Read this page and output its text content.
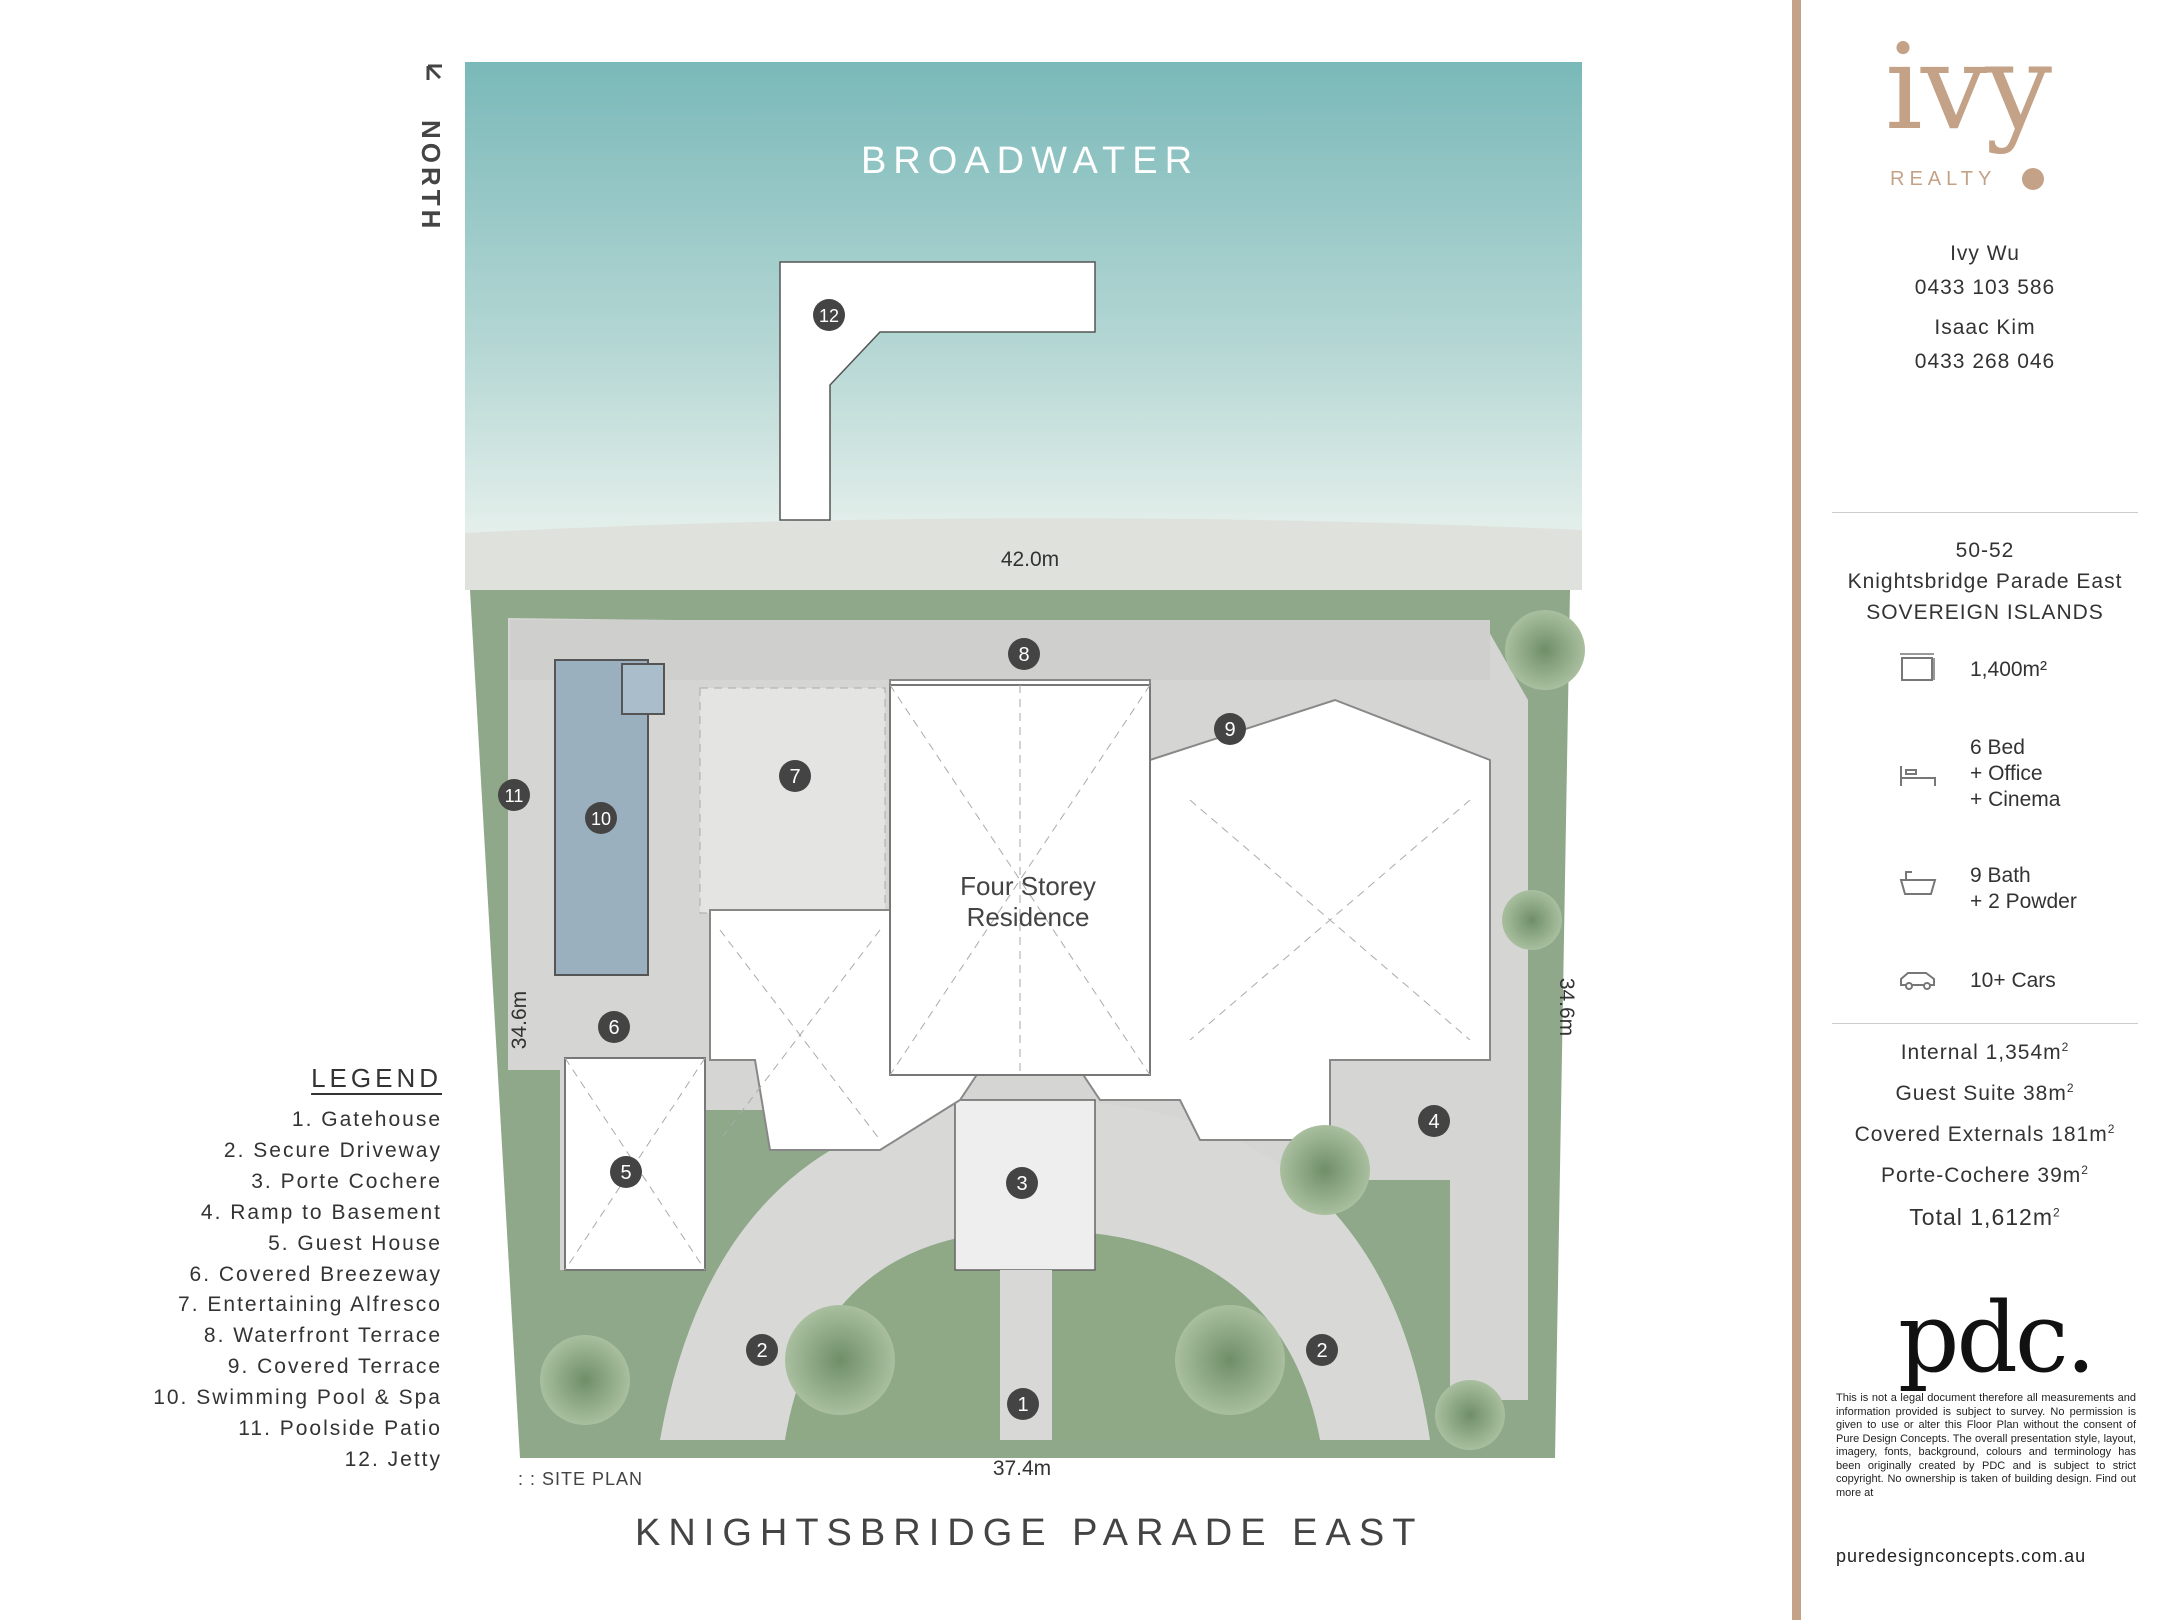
NORTH	BROADWATER
42.0m
34.6m	34.6m
37.4m
Four Storey
Residence
1
2	2
3
4
5
6
7
8
9
10
11
12
LEGEND
1. Gatehouse
2. Secure Driveway
3. Porte Cochere
4. Ramp to Basement
5. Guest House
6. Covered Breezeway
7. Entertaining Alfresco
8. Waterfront Terrace
9. Covered Terrace
10. Swimming Pool & Spa
11. Poolside Patio
12. Jetty
: : SITE PLAN
KNIGHTSBRIDGE PARADE EAST
ivy
REALTY
Ivy Wu
0433 103 586
Isaac Kim
0433 268 046
50-52
Knightsbridge Parade East
SOVEREIGN ISLANDS
1,400m²
6 Bed
+ Office
+ Cinema
9 Bath
+ 2 Powder
10+ Cars
Internal $1,354m^2$
Guest Suite $38m^2$
Covered Externals $181m^2$
Porte-Cochere $39m^2$
Total $1,612m^2$
pdc.
This is not a legal document therefore all measurements and information provided is subject to survey. No permission is given to use or alter this Floor Plan without the consent of Pure Design Concepts. The overall presentation style, layout, imagery, fonts, background, colours and terminology has been originally created by PDC and is subject to strict copyright. No ownership is taken of building design. Find out more at
puredesignconcepts.com.au
